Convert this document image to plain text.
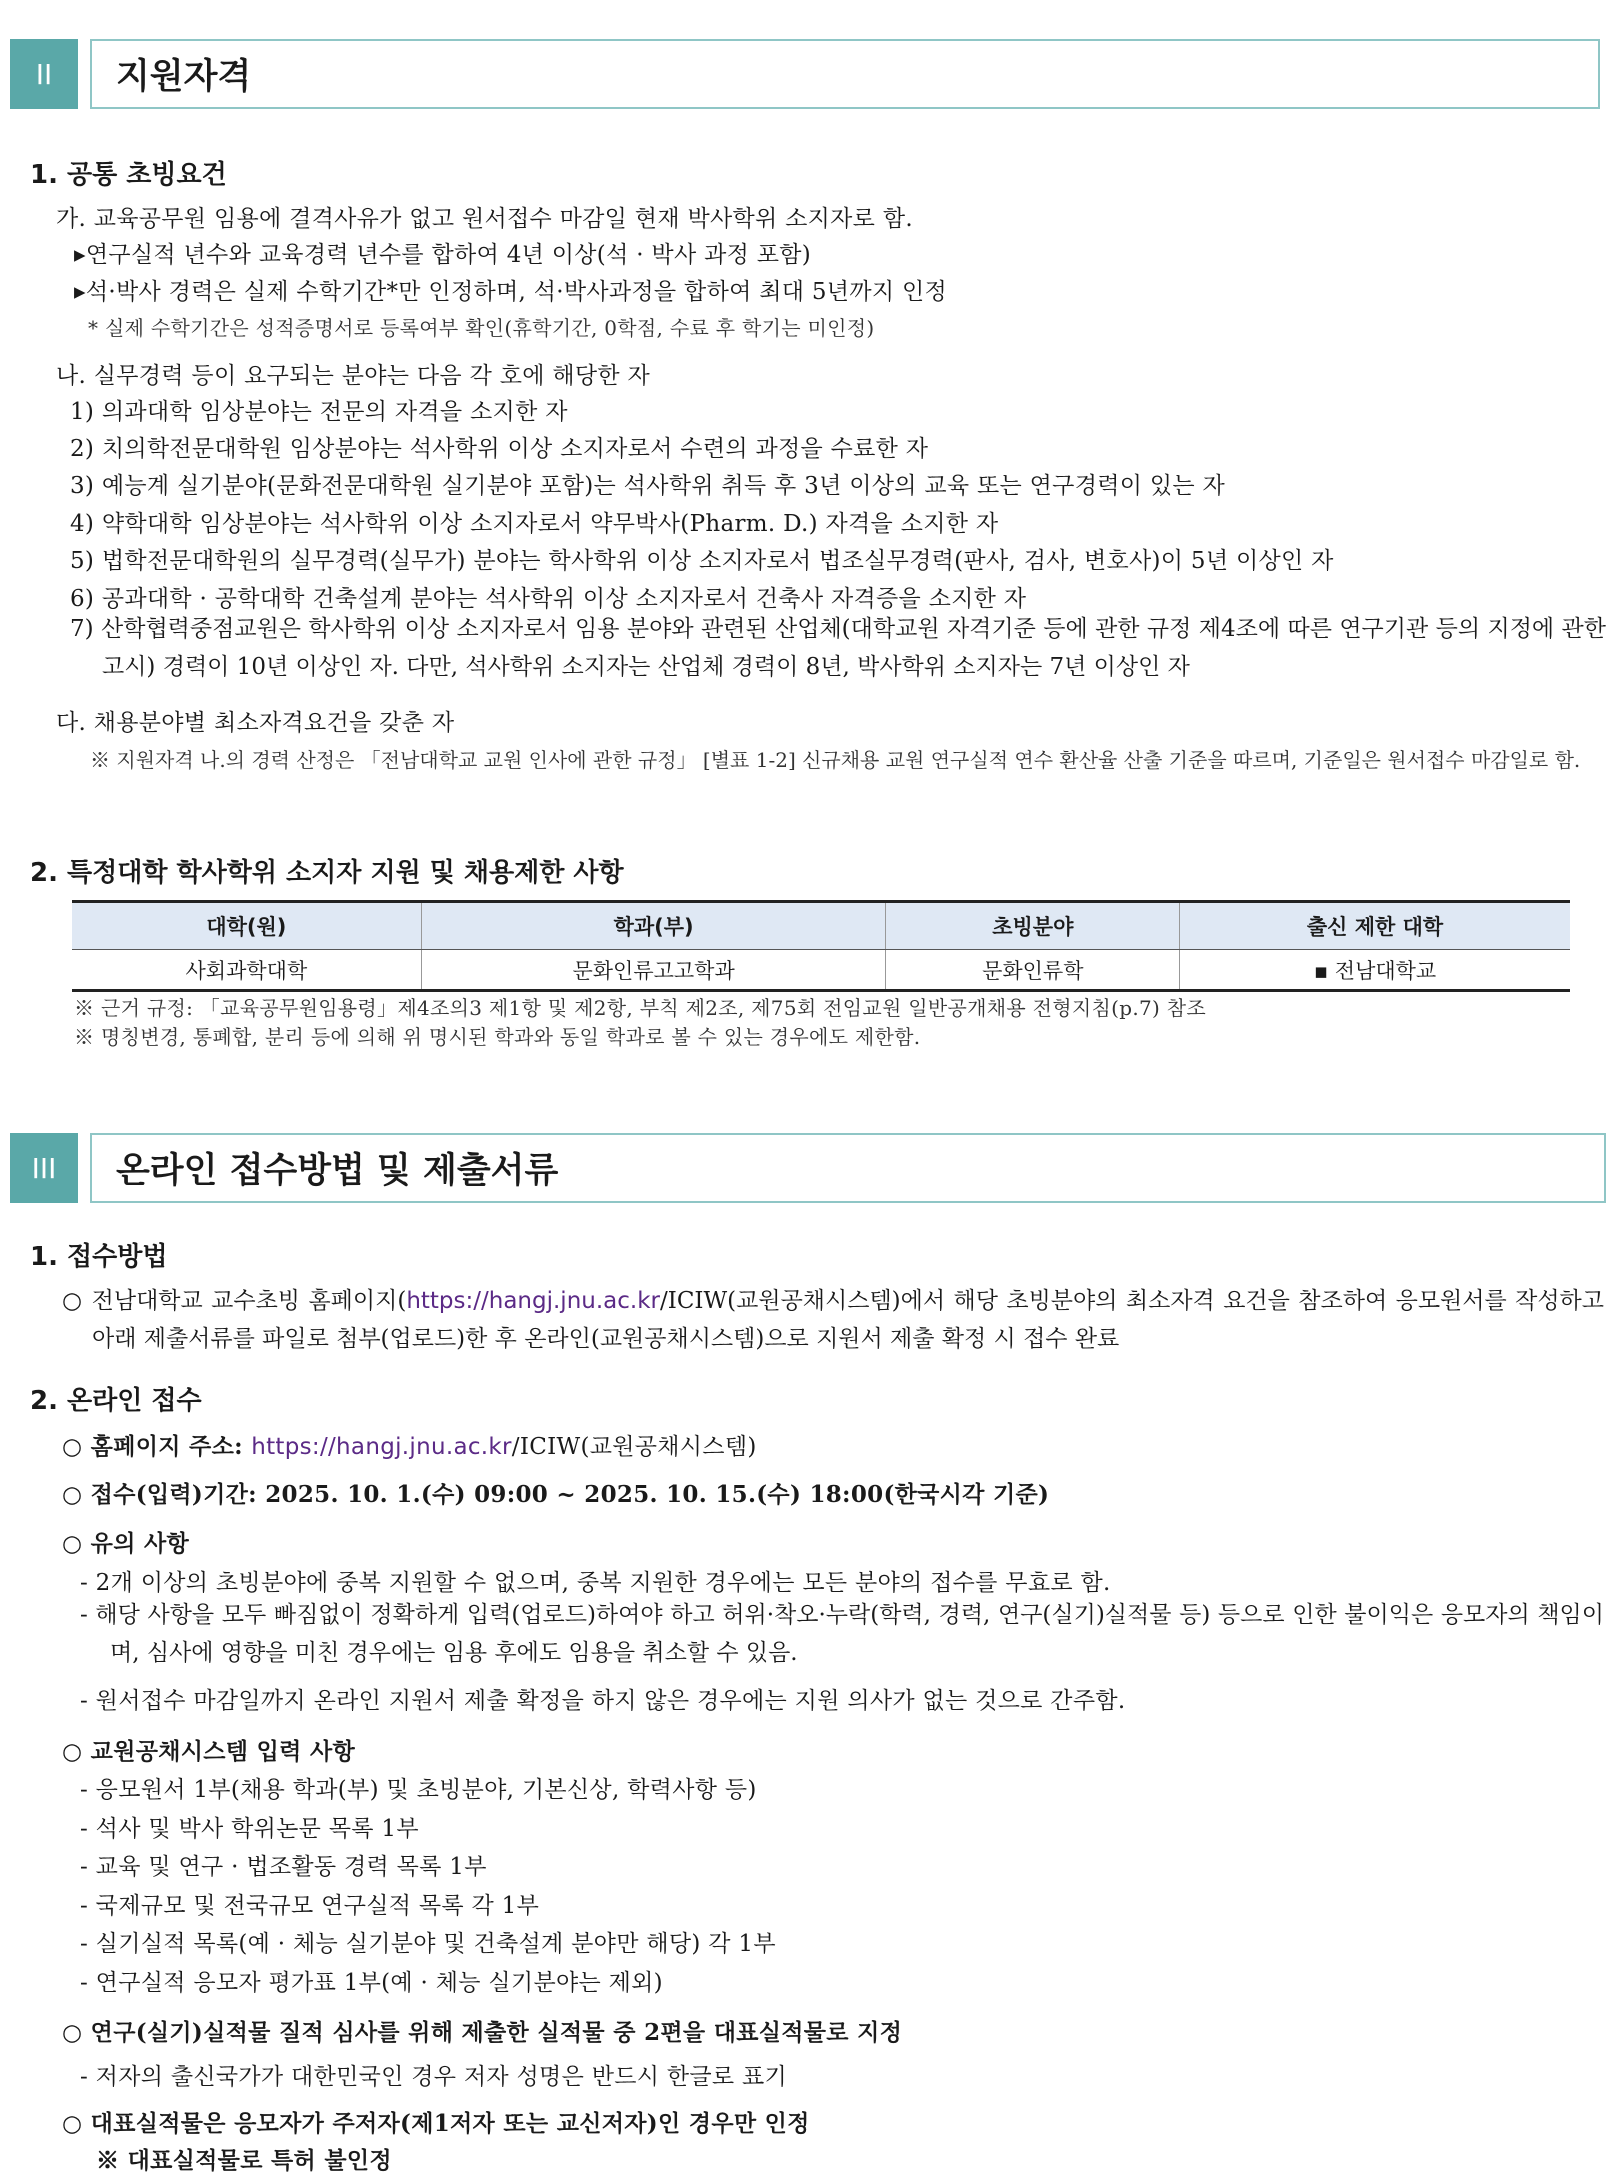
II	지원자격
1. 공통 초빙요건
가. 교육공무원 임용에 결격사유가 없고 원서접수 마감일 현재 박사학위 소지자로 함.
▸연구실적 년수와 교육경력 년수를 합하여 4년 이상(석 · 박사 과정 포함)
▸석·박사 경력은 실제 수학기간*만 인정하며, 석·박사과정을 합하여 최대 5년까지 인정
* 실제 수학기간은 성적증명서로 등록여부 확인(휴학기간, 0학점, 수료 후 학기는 미인정)
나. 실무경력 등이 요구되는 분야는 다음 각 호에 해당한 자
1) 의과대학 임상분야는 전문의 자격을 소지한 자
2) 치의학전문대학원 임상분야는 석사학위 이상 소지자로서 수련의 과정을 수료한 자
3) 예능계 실기분야(문화전문대학원 실기분야 포함)는 석사학위 취득 후 3년 이상의 교육 또는 연구경력이 있는 자
4) 약학대학 임상분야는 석사학위 이상 소지자로서 약무박사(Pharm. D.) 자격을 소지한 자
5) 법학전문대학원의 실무경력(실무가) 분야는 학사학위 이상 소지자로서 법조실무경력(판사, 검사, 변호사)이 5년 이상인 자
6) 공과대학 · 공학대학 건축설계 분야는 석사학위 이상 소지자로서 건축사 자격증을 소지한 자
7) 산학협력중점교원은 학사학위 이상 소지자로서 임용 분야와 관련된 산업체(대학교원 자격기준 등에 관한 규정 제4조에 따른 연구기관 등의 지정에 관한 고시) 경력이 10년 이상인 자. 다만, 석사학위 소지자는 산업체 경력이 8년, 박사학위 소지자는 7년 이상인 자
다. 채용분야별 최소자격요건을 갖춘 자
※ 지원자격 나.의 경력 산정은 「전남대학교 교원 인사에 관한 규정」 [별표 1-2] 신규채용 교원 연구실적 연수 환산율 산출 기준을 따르며, 기준일은 원서접수 마감일로 함.
2. 특정대학 학사학위 소지자 지원 및 채용제한 사항
대학(원)	학과(부)	초빙분야	출신 제한 대학
사회과학대학	문화인류고고학과	문화인류학	▪ 전남대학교
※ 근거 규정: 「교육공무원임용령」제4조의3 제1항 및 제2항, 부칙 제2조, 제75회 전임교원 일반공개채용 전형지침(p.7) 참조
※ 명칭변경, 통폐합, 분리 등에 의해 위 명시된 학과와 동일 학과로 볼 수 있는 경우에도 제한함.
III	온라인 접수방법 및 제출서류
1. 접수방법
○ 전남대학교 교수초빙 홈페이지(https://hangj.jnu.ac.kr/ICIW(교원공채시스템)에서 해당 초빙분야의 최소자격 요건을 참조하여 응모원서를 작성하고 아래 제출서류를 파일로 첨부(업로드)한 후 온라인(교원공채시스템)으로 지원서 제출 확정 시 접수 완료
2. 온라인 접수
○ 홈페이지 주소: https://hangj.jnu.ac.kr/ICIW(교원공채시스템)
○ 접수(입력)기간: 2025. 10. 1.(수) 09:00 ~ 2025. 10. 15.(수) 18:00(한국시각 기준)
○ 유의 사항
- 2개 이상의 초빙분야에 중복 지원할 수 없으며, 중복 지원한 경우에는 모든 분야의 접수를 무효로 함.
- 해당 사항을 모두 빠짐없이 정확하게 입력(업로드)하여야 하고 허위·착오·누락(학력, 경력, 연구(실기)실적물 등) 등으로 인한 불이익은 응모자의 책임이며, 심사에 영향을 미친 경우에는 임용 후에도 임용을 취소할 수 있음.
- 원서접수 마감일까지 온라인 지원서 제출 확정을 하지 않은 경우에는 지원 의사가 없는 것으로 간주함.
○ 교원공채시스템 입력 사항
- 응모원서 1부(채용 학과(부) 및 초빙분야, 기본신상, 학력사항 등)
- 석사 및 박사 학위논문 목록 1부
- 교육 및 연구 · 법조활동 경력 목록 1부
- 국제규모 및 전국규모 연구실적 목록 각 1부
- 실기실적 목록(예 · 체능 실기분야 및 건축설계 분야만 해당) 각 1부
- 연구실적 응모자 평가표 1부(예 · 체능 실기분야는 제외)
○ 연구(실기)실적물 질적 심사를 위해 제출한 실적물 중 2편을 대표실적물로 지정
- 저자의 출신국가가 대한민국인 경우 저자 성명은 반드시 한글로 표기
○ 대표실적물은 응모자가 주저자(제1저자 또는 교신저자)인 경우만 인정
※ 대표실적물로 특허 불인정
